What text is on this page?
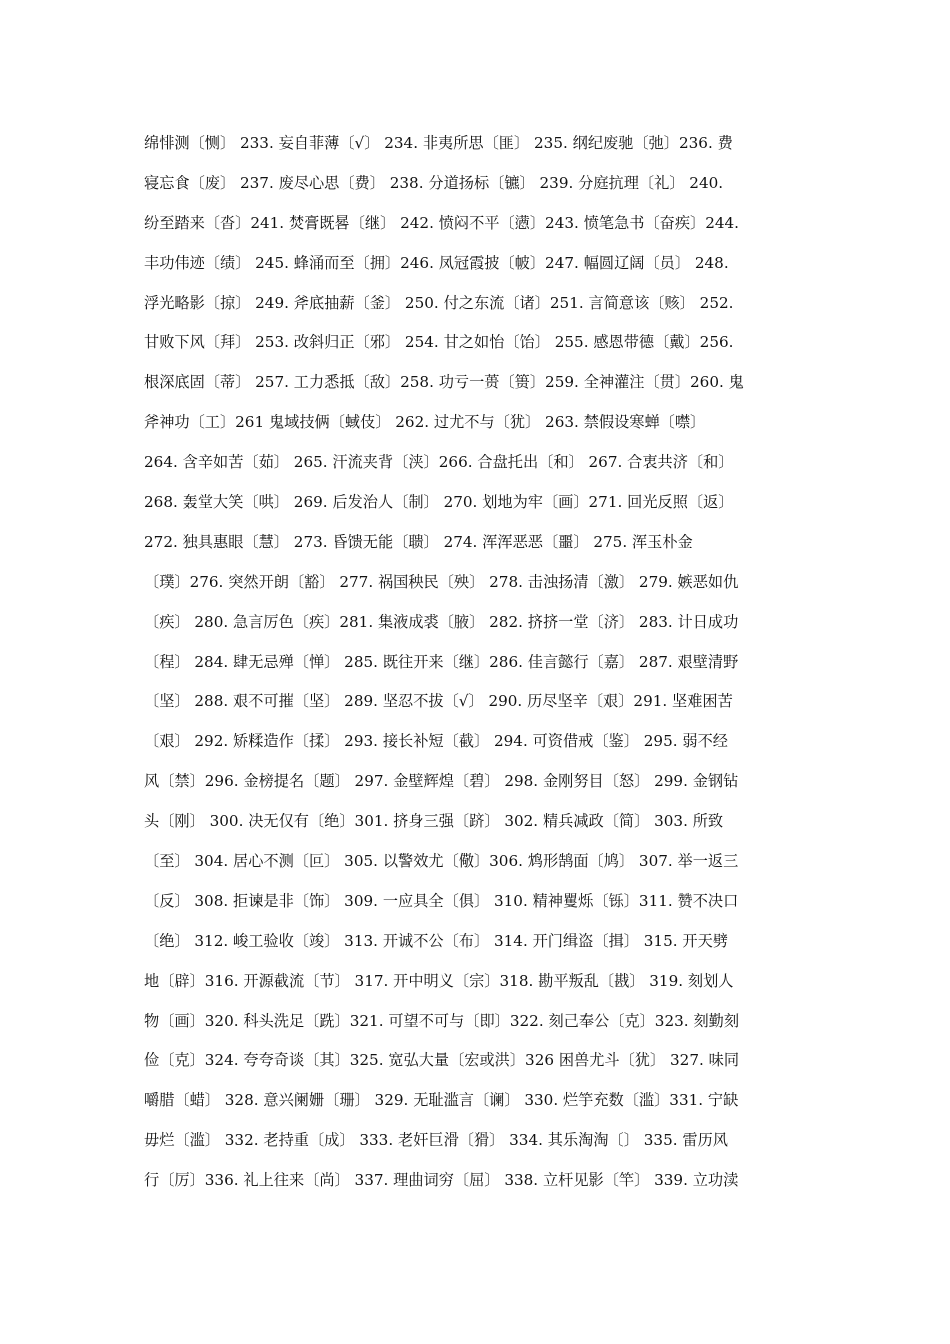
绵悱测〔恻〕 233. 妄自菲薄〔√〕 234. 非夷所思〔匪〕 235. 纲纪废驰〔弛〕236. 费
寝忘食〔废〕 237. 废尽心思〔费〕 238. 分道扬标〔镳〕 239. 分庭抗理〔礼〕 240.
纷至踏来〔沓〕241. 焚膏既晷〔继〕 242. 愤闷不平〔懑〕243. 愤笔急书〔奋疾〕244.
丰功伟迹〔绩〕 245. 蜂涌而至〔拥〕246. 凤冠霞披〔帔〕247. 幅圆辽阔〔员〕 248.
浮光略影〔掠〕 249. 斧底抽薪〔釜〕 250. 付之东流〔诸〕251. 言简意该〔赅〕 252.
甘败下风〔拜〕 253. 改斜归正〔邪〕 254. 甘之如怡〔饴〕 255. 感恩带德〔戴〕256.
根深底固〔蒂〕 257. 工力悉抵〔敌〕258. 功亏一蒉〔篑〕259. 全神灌注〔贯〕260. 鬼
斧神功〔工〕261 鬼域技俩〔蜮伎〕 262. 过尤不与〔犹〕 263. 禁假设寒蝉〔噤〕
264. 含辛如苦〔茹〕 265. 汗流夹背〔浃〕266. 合盘托出〔和〕 267. 合衷共济〔和〕
268. 轰堂大笑〔哄〕 269. 后发治人〔制〕 270. 划地为牢〔画〕271. 回光反照〔返〕
272. 独具惠眼〔慧〕 273. 昏馈无能〔聩〕 274. 浑浑恶恶〔噩〕 275. 浑玉朴金
〔璞〕276. 突然开朗〔豁〕 277. 祸国秧民〔殃〕 278. 击浊扬清〔激〕 279. 嫉恶如仇
〔疾〕 280. 急言厉色〔疾〕281. 集液成裘〔腋〕 282. 挤挤一堂〔济〕 283. 计日成功
〔程〕 284. 肆无忌殚〔惮〕 285. 既往开来〔继〕286. 佳言懿行〔嘉〕 287. 艰壁清野
〔坚〕 288. 艰不可摧〔坚〕 289. 坚忍不拔〔√〕 290. 历尽坚辛〔艰〕291. 坚难困苦
〔艰〕 292. 矫糅造作〔揉〕 293. 接长补短〔截〕 294. 可资借戒〔鉴〕 295. 弱不经
风〔禁〕296. 金榜提名〔题〕 297. 金壁辉煌〔碧〕 298. 金刚努目〔怒〕 299. 金钢钻
头〔刚〕 300. 决无仅有〔绝〕301. 挤身三强〔跻〕 302. 精兵减政〔简〕 303. 所致
〔至〕 304. 居心不测〔叵〕 305. 以警效尤〔儆〕306. 鸩形鹄面〔鸠〕 307. 举一返三
〔反〕 308. 拒谏是非〔饰〕 309. 一应具全〔俱〕 310. 精神矍烁〔铄〕311. 赞不决口
〔绝〕 312. 峻工验收〔竣〕 313. 开诚不公〔布〕 314. 开门缉盗〔揖〕 315. 开天劈
地〔辟〕316. 开源截流〔节〕 317. 开中明义〔宗〕318. 勘平叛乱〔戡〕 319. 刻划人
物〔画〕320. 科头洗足〔跣〕321. 可望不可与〔即〕322. 刻己奉公〔克〕323. 刻勤刻
俭〔克〕324. 夸夸奇谈〔其〕325. 宽弘大量〔宏或洪〕326 困兽尤斗〔犹〕 327. 味同
嚼腊〔蜡〕 328. 意兴阑姗〔珊〕 329. 无耻滥言〔谰〕 330. 烂竽充数〔滥〕331. 宁缺
毋烂〔滥〕 332. 老持重〔成〕 333. 老奸巨滑〔猾〕 334. 其乐淘淘〔〕 335. 雷历风
行〔厉〕336. 礼上往来〔尚〕 337. 理曲词穷〔屈〕 338. 立杆见影〔竿〕 339. 立功渎
